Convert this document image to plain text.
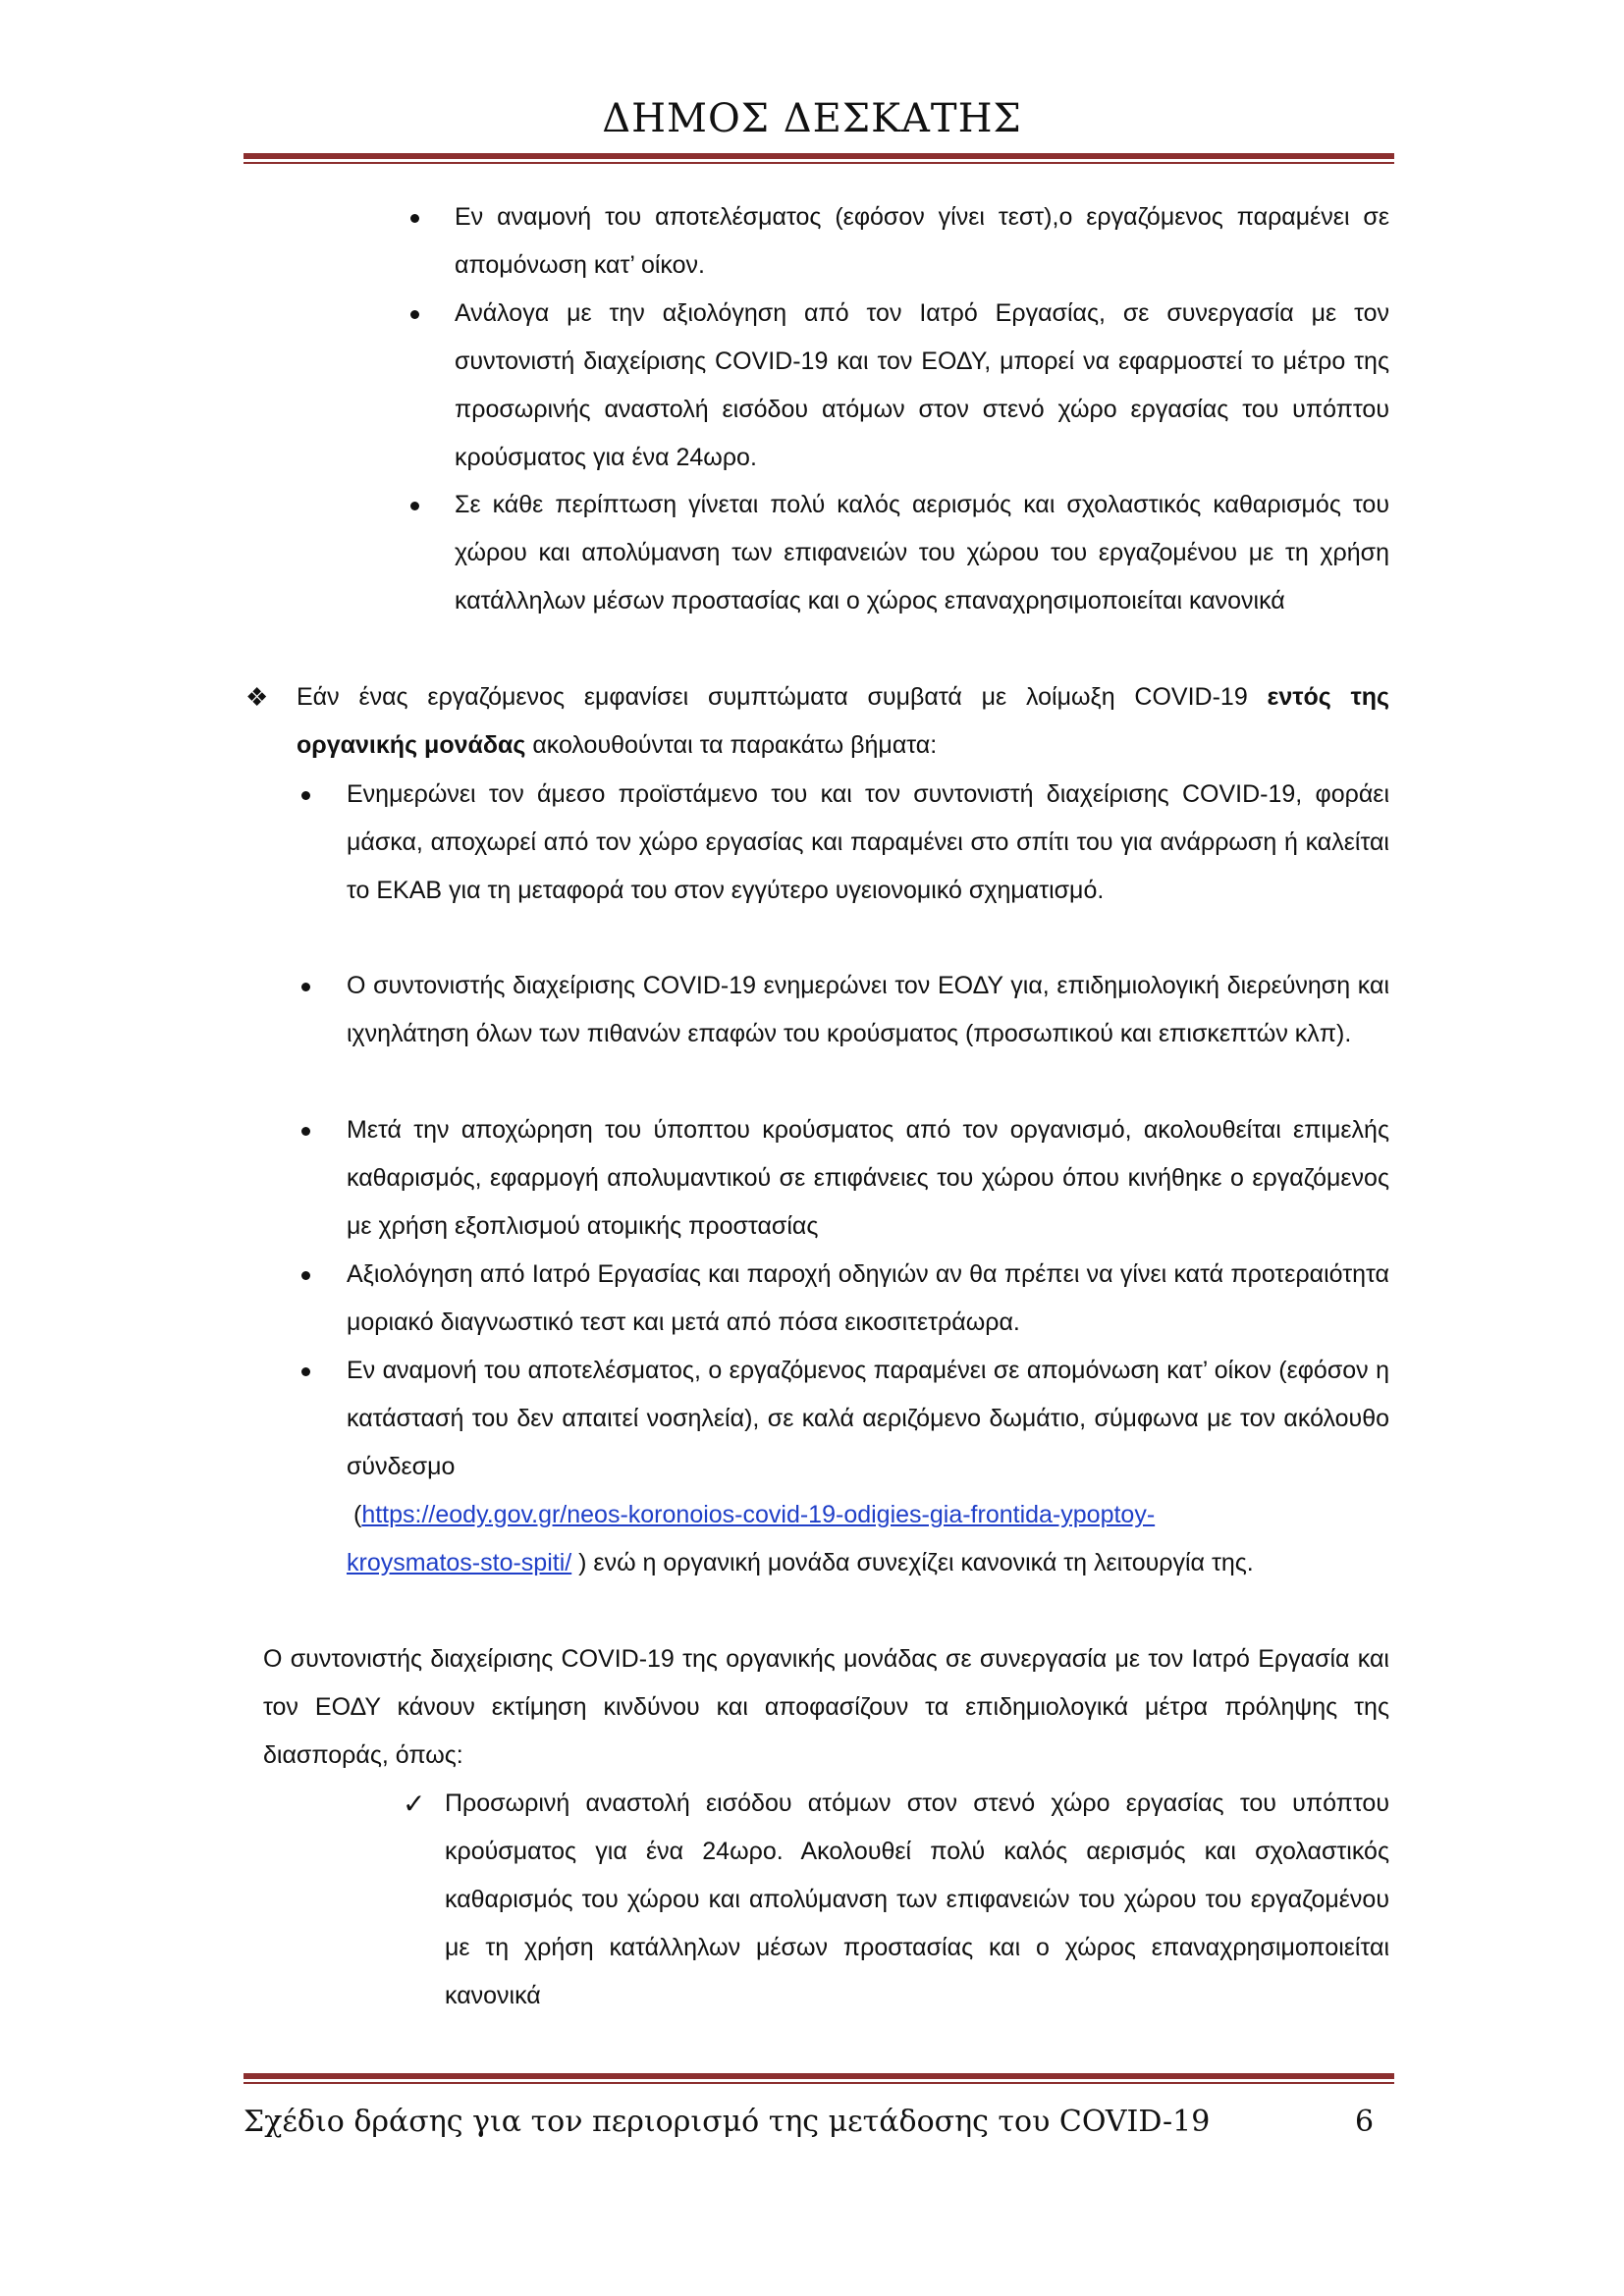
ΔΗΜΟΣ ΔΕΣΚΑΤΗΣ
Εν αναμονή του αποτελέσματος (εφόσον γίνει τεστ),ο εργαζόμενος παραμένει σε απομόνωση κατ’ οίκον.
Ανάλογα με την αξιολόγηση από τον Ιατρό Εργασίας, σε συνεργασία με τον συντονιστή διαχείρισης COVID-19 και τον ΕΟΔΥ, μπορεί να εφαρμοστεί το μέτρο της προσωρινής αναστολή εισόδου ατόμων στον στενό χώρο εργασίας του υπόπτου κρούσματος για ένα 24ωρο.
Σε κάθε περίπτωση γίνεται πολύ καλός αερισμός και σχολαστικός καθαρισμός του χώρου και απολύμανση των επιφανειών του χώρου του εργαζομένου με τη χρήση κατάλληλων μέσων προστασίας και ο χώρος επαναχρησιμοποιείται κανονικά
❖ Εάν ένας εργαζόμενος εμφανίσει συμπτώματα συμβατά με λοίμωξη COVID-19 εντός της οργανικής μονάδας ακολουθούνται τα παρακάτω βήματα:
Ενημερώνει τον άμεσο προϊστάμενο του και τον συντονιστή διαχείρισης COVID-19, φοράει μάσκα, αποχωρεί από τον χώρο εργασίας και παραμένει στο σπίτι του για ανάρρωση ή καλείται το ΕΚΑΒ για τη μεταφορά του στον εγγύτερο υγειονομικό σχηματισμό.
Ο συντονιστής διαχείρισης COVID-19 ενημερώνει τον ΕΟΔΥ για, επιδημιολογική διερεύνηση και ιχνηλάτηση όλων των πιθανών επαφών του κρούσματος (προσωπικού και επισκεπτών κλπ).
Μετά την αποχώρηση του ύποπτου κρούσματος από τον οργανισμό, ακολουθείται επιμελής καθαρισμός, εφαρμογή απολυμαντικού σε επιφάνειες του χώρου όπου κινήθηκε ο εργαζόμενος με χρήση εξοπλισμού ατομικής προστασίας
Αξιολόγηση από Ιατρό Εργασίας και παροχή οδηγιών αν θα πρέπει να γίνει κατά προτεραιότητα μοριακό διαγνωστικό τεστ και μετά από πόσα εικοσιτετράωρα.
Εν αναμονή του αποτελέσματος, ο εργαζόμενος παραμένει σε απομόνωση κατ’ οίκον (εφόσον η κατάστασή του δεν απαιτεί νοσηλεία), σε καλά αεριζόμενο δωμάτιο, σύμφωνα με τον ακόλουθο σύνδεσμο
(https://eody.gov.gr/neos-koronoios-covid-19-odigies-gia-frontida-ypoptoy-
kroysmatos-sto-spiti/ ) ενώ η οργανική μονάδα συνεχίζει κανονικά τη λειτουργία της.
Ο συντονιστής διαχείρισης COVID-19 της οργανικής μονάδας σε συνεργασία με τον Ιατρό Εργασία και τον ΕΟΔΥ κάνουν εκτίμηση κινδύνου και αποφασίζουν τα επιδημιολογικά μέτρα πρόληψης της διασποράς, όπως:
✓ Προσωρινή αναστολή εισόδου ατόμων στον στενό χώρο εργασίας του υπόπτου κρούσματος για ένα 24ωρο. Ακολουθεί πολύ καλός αερισμός και σχολαστικός καθαρισμός του χώρου και απολύμανση των επιφανειών του χώρου του εργαζομένου με τη χρήση κατάλληλων μέσων προστασίας και ο χώρος επαναχρησιμοποιείται κανονικά
Σχέδιο δράσης για τον περιορισμό της μετάδοσης του COVID-19	6
